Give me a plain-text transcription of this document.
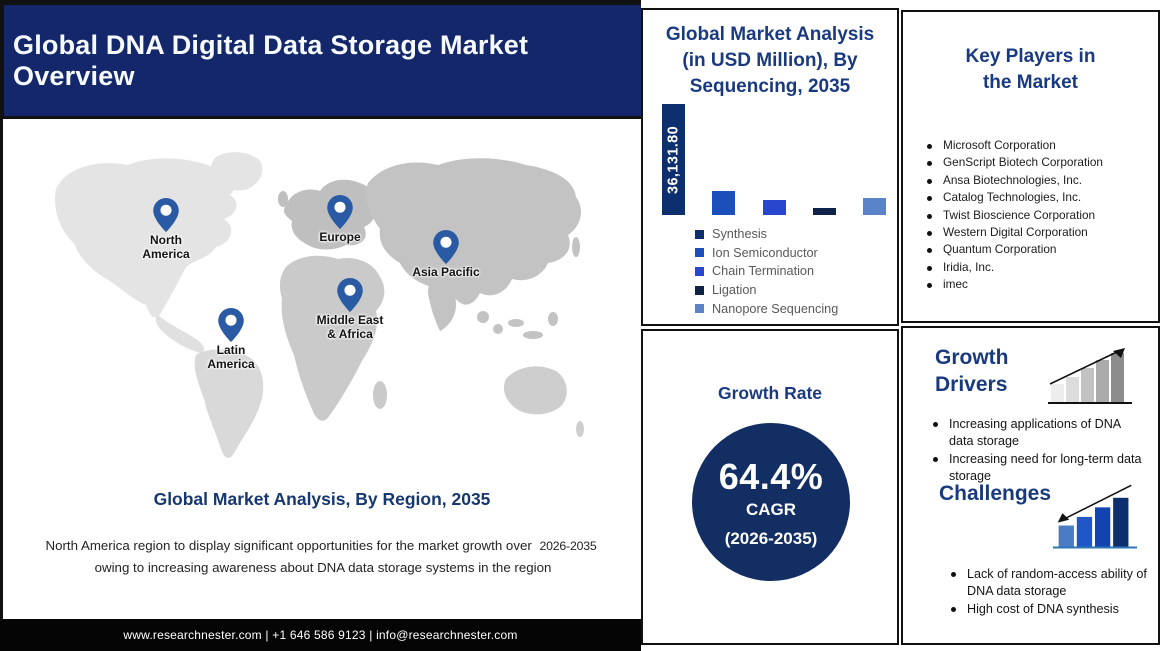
Global DNA Digital Data Storage Market Overview
North
America
Europe
Asia Pacific
Middle East
& Africa
Latin
America
Global Market Analysis, By Region, 2035

North America region to display significant opportunities for the market growth over 2026-2035 owing to increasing awareness about DNA data storage systems in the region

www.researchnester.com | +1 646 586 9123 | info@researchnester.com
Global Market Analysis
(in USD Million), By
Sequencing, 2035
36,131.80
Synthesis
Ion Semiconductor
Chain Termination
Ligation
Nanopore Sequencing
Growth Rate
64.4%
CAGR
(2026-2035)
Key Players in
the Market
Microsoft Corporation
GenScript Biotech Corporation
Ansa Biotechnologies, Inc.
Catalog Technologies, Inc.
Twist Bioscience Corporation
Western Digital Corporation
Quantum Corporation
Iridia, Inc.
imec
Growth
Drivers
Increasing applications of DNA data storage
Increasing need for long-term data storage
Challenges
Lack of random-access ability of DNA data storage
High cost of DNA synthesis
